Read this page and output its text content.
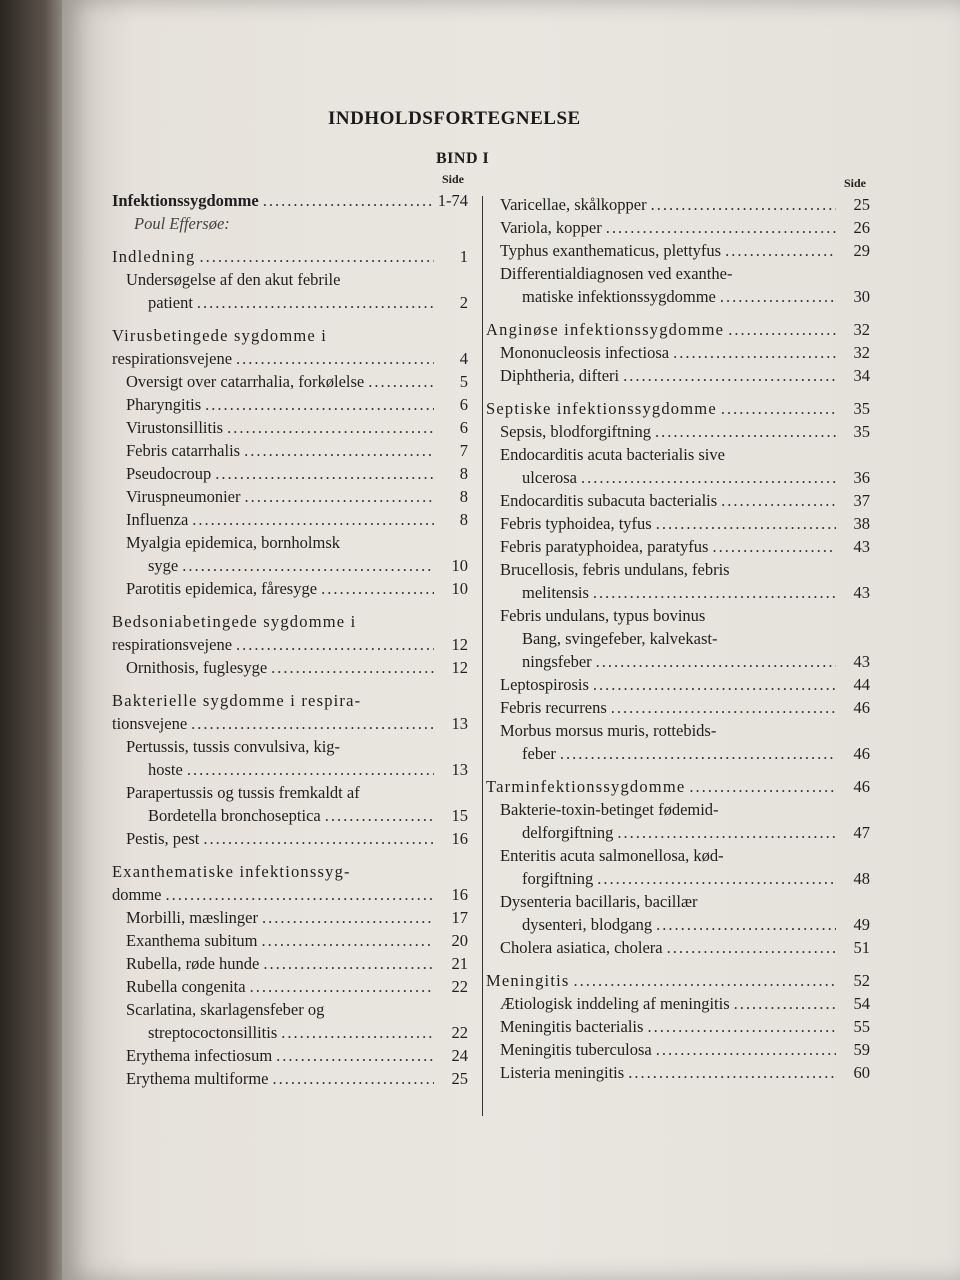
INDHOLDSFORTEGNELSE
BIND I
Side
Infektionssygdomme .....	1-74
Poul Effersøe:
Indledning .....	1
Undersøgelse af den akut febrile
patient .....	2
Virusbetingede sygdomme i
respirationsvejene .....	4
Oversigt over catarrhalia, forkølelse .....	5
Pharyngitis .....	6
Virustonsillitis .....	6
Febris catarrhalis .....	7
Pseudocroup .....	8
Viruspneumonier .....	8
Influenza .....	8
Myalgia epidemica, bornholmsk
syge .....	10
Parotitis epidemica, fåresyge .....	10
Bedsoniabetingede sygdomme i
respirationsvejene .....	12
Ornithosis, fuglesyge .....	12
Bakterielle sygdomme i respira-
tionsvejene .....	13
Pertussis, tussis convulsiva, kig-
hoste .....	13
Parapertussis og tussis fremkaldt af
Bordetella bronchoseptica .....	15
Pestis, pest .....	16
Exanthematiske infektionssyg-
domme .....	16
Morbilli, mæslinger .....	17
Exanthema subitum .....	20
Rubella, røde hunde .....	21
Rubella congenita .....	22
Scarlatina, skarlagensfeber og
streptococtonsillitis .....	22
Erythema infectiosum .....	24
Erythema multiforme .....	25
Side
Varicellae, skålkopper .....	25
Variola, kopper .....	26
Typhus exanthematicus, plettyfus .....	29
Differentialdiagnosen ved exanthe-
matiske infektionssygdomme .....	30
Anginøse infektionssygdomme .....	32
Mononucleosis infectiosa .....	32
Diphtheria, difteri .....	34
Septiske infektionssygdomme .....	35
Sepsis, blodforgiftning .....	35
Endocarditis acuta bacterialis sive
ulcerosa .....	36
Endocarditis subacuta bacterialis .....	37
Febris typhoidea, tyfus .....	38
Febris paratyphoidea, paratyfus .....	43
Brucellosis, febris undulans, febris
melitensis .....	43
Febris undulans, typus bovinus
Bang, svingefeber, kalvekast-
ningsfeber .....	43
Leptospirosis .....	44
Febris recurrens .....	46
Morbus morsus muris, rottebids-
feber .....	46
Tarminfektionssygdomme .....	46
Bakterie-toxin-betinget fødemid-
delforgiftning .....	47
Enteritis acuta salmonellosa, kød-
forgiftning .....	48
Dysenteria bacillaris, bacillær
dysenteri, blodgang .....	49
Cholera asiatica, cholera .....	51
Meningitis .....	52
Ætiologisk inddeling af meningitis .....	54
Meningitis bacterialis .....	55
Meningitis tuberculosa .....	59
Listeria meningitis .....	60
